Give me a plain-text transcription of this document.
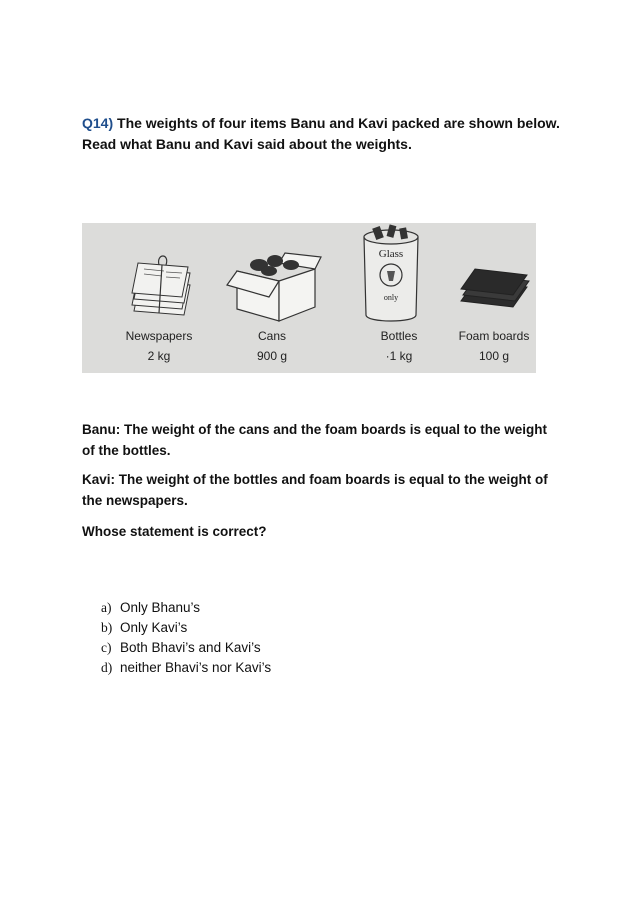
Q14) The weights of four items Banu and Kavi packed are shown below.
Read what Banu and Kavi said about the weights.
Newspapers
2 kg
Cans
900 g
Glass
only
Bottles
·1 kg
Foam boards
100 g
Banu: The weight of the cans and the foam boards is equal to the weight
of the bottles.
Kavi: The weight of the bottles and foam boards is equal to the weight of
the newspapers.
Whose statement is correct?
a) Only Bhanu’s
b) Only Kavi’s
c) Both Bhavi’s and Kavi’s
d) neither Bhavi’s nor Kavi’s
